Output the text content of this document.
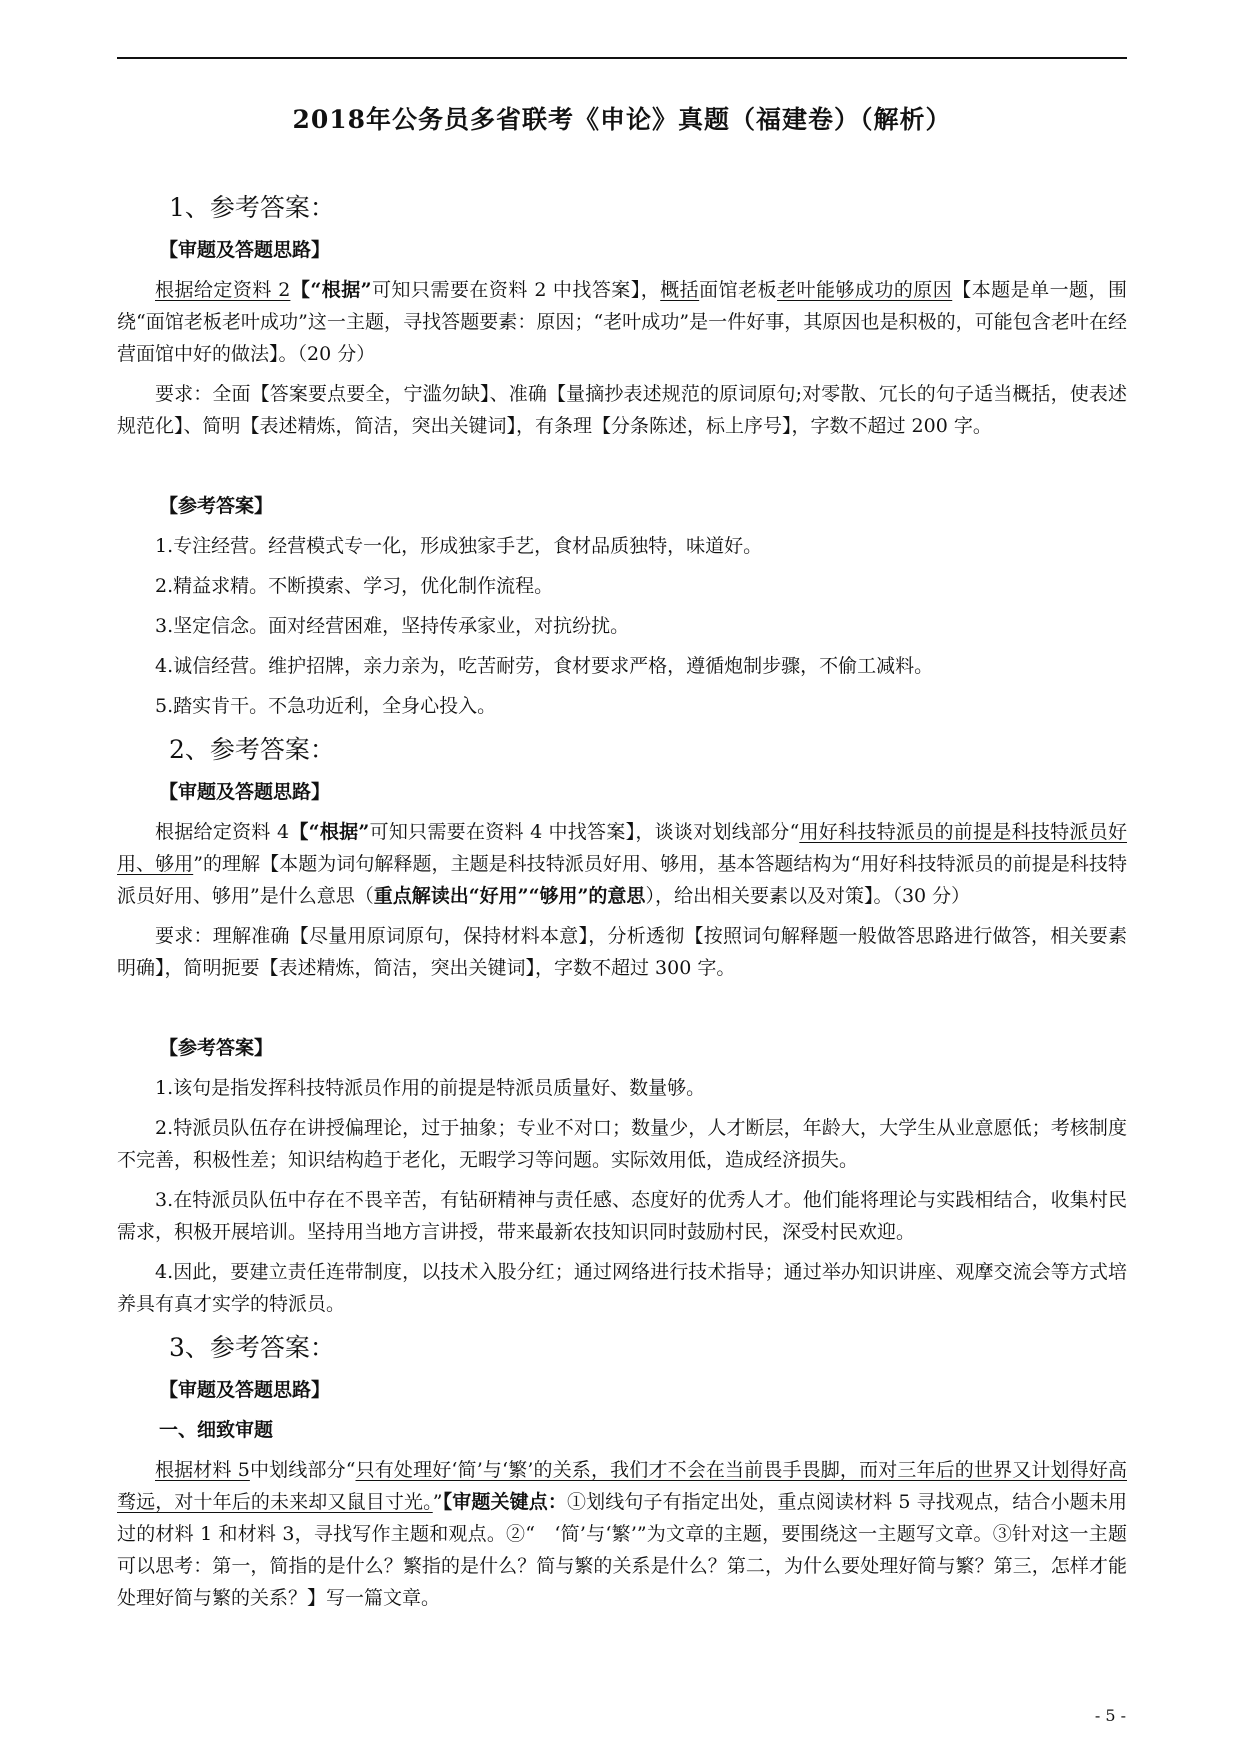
2018年公务员多省联考《申论》真题（福建卷）（解析）
1、参考答案：
【审题及答题思路】
根据给定资料 2【“根据”可知只需要在资料 2 中找答案】，概括面馆老板老叶能够成功的原因【本题是单一题，围绕“面馆老板老叶成功”这一主题，寻找答题要素：原因；“老叶成功”是一件好事，其原因也是积极的，可能包含老叶在经营面馆中好的做法】。（20 分）
要求：全面【答案要点要全，宁滥勿缺】、准确【量摘抄表述规范的原词原句;对零散、冗长的句子适当概括，使表述规范化】、简明【表述精炼，简洁，突出关键词】，有条理【分条陈述，标上序号】，字数不超过 200 字。
【参考答案】
1.专注经营。经营模式专一化，形成独家手艺，食材品质独特，味道好。
2.精益求精。不断摸索、学习，优化制作流程。
3.坚定信念。面对经营困难，坚持传承家业，对抗纷扰。
4.诚信经营。维护招牌，亲力亲为，吃苦耐劳，食材要求严格，遵循炮制步骤，不偷工减料。
5.踏实肯干。不急功近利，全身心投入。
2、参考答案：
【审题及答题思路】
根据给定资料 4【“根据”可知只需要在资料 4 中找答案】，谈谈对划线部分“用好科技特派员的前提是科技特派员好用、够用”的理解【本题为词句解释题，主题是科技特派员好用、够用，基本答题结构为“用好科技特派员的前提是科技特派员好用、够用”是什么意思（重点解读出“好用”“够用”的意思），给出相关要素以及对策】。（30 分）
要求：理解准确【尽量用原词原句，保持材料本意】，分析透彻【按照词句解释题一般做答思路进行做答，相关要素明确】，简明扼要【表述精炼，简洁，突出关键词】，字数不超过 300 字。
【参考答案】
1.该句是指发挥科技特派员作用的前提是特派员质量好、数量够。
2.特派员队伍存在讲授偏理论，过于抽象；专业不对口；数量少，人才断层，年龄大，大学生从业意愿低；考核制度不完善，积极性差；知识结构趋于老化，无暇学习等问题。实际效用低，造成经济损失。
3.在特派员队伍中存在不畏辛苦，有钻研精神与责任感、态度好的优秀人才。他们能将理论与实践相结合，收集村民需求，积极开展培训。坚持用当地方言讲授，带来最新农技知识同时鼓励村民，深受村民欢迎。
4.因此，要建立责任连带制度，以技术入股分红；通过网络进行技术指导；通过举办知识讲座、观摩交流会等方式培养具有真才实学的特派员。
3、参考答案：
【审题及答题思路】
一、细致审题
根据材料 5中划线部分“只有处理好‘简’与‘繁’的关系，我们才不会在当前畏手畏脚，而对三年后的世界又计划得好高骛远，对十年后的未来却又鼠目寸光。”【审题关键点：①划线句子有指定出处，重点阅读材料 5 寻找观点，结合小题未用过的材料 1 和材料 3，寻找写作主题和观点。②“　‘简’与‘繁’”为文章的主题，要围绕这一主题写文章。③针对这一主题可以思考：第一，简指的是什么？繁指的是什么？简与繁的关系是什么？第二，为什么要处理好简与繁？第三，怎样才能处理好简与繁的关系？】写一篇文章。
- 5 -
